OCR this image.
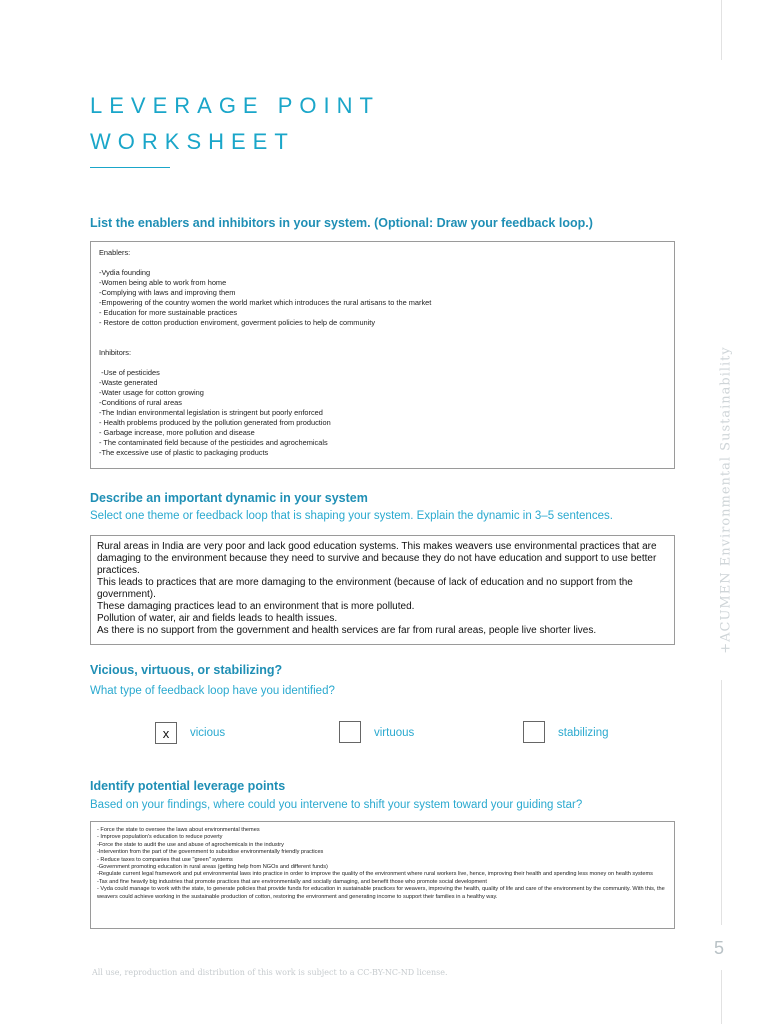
LEVERAGE POINT
WORKSHEET
List the enablers and inhibitors in your system. (Optional: Draw your feedback loop.)
Enablers:
-Vydia founding
-Women being able to work from home
-Complying with laws and improving them
-Empowering of the country women the world market which introduces the rural artisans to the market
- Education for more sustainable practices
- Restore de cotton production enviroment, goverment policies to help de community
Inhibitors:
-Use of pesticides
-Waste generated
-Water usage for cotton growing
-Conditions of rural areas
-The Indian environmental legislation is stringent but poorly enforced
- Health problems produced by the pollution generated from production
- Garbage increase, more pollution and disease
- The contaminated field because of the pesticides and agrochemicals
-The excessive use of plastic to packaging products
Describe an important dynamic in your system

Select one theme or feedback loop that is shaping your system. Explain the dynamic in 3–5 sentences.

Rural areas in India are very poor and lack good education systems. This makes weavers use environmental practices that are damaging to the environment because they need to survive and because they do not have education and support to use better practices.
This leads to practices that are more damaging to the environment (because of lack of education and no support from the government).
These damaging practices lead to an environment that is more polluted.
Pollution of water, air and fields leads to health issues.
As there is no support from the government and health services are far from rural areas, people live shorter lives.
Vicious, virtuous, or stabilizing?

What type of feedback loop have you identified?

x	vicious	virtuous	stabilizing
Identify potential leverage points

Based on your findings, where could you intervene to shift your system toward your guiding star?

- Force the state to oversee the laws about environmental themes
- Improve population's education to reduce poverty
-Force the state to audit the use and abuse of agrochemicals in the industry
-Intervention from the part of the government to subsidise environmentally friendly practices
- Reduce taxes to companies that use "green" systems
-Government promoting education in rural areas (getting help from NGOs and different funds)
-Regulate current legal framework and put environmental laws into practice in order to improve the quality of the environment where rural workers live, hence, improving their health and spending less money on health systems
-Tax and fine heavily big industries that promote practices that are environmentally and socially damaging, and benefit those who promote social development
- Vyda could manage to work with the state, to generate policies that provide funds for education in sustainable practices for weavers, improving the health, quality of life and care of the environment by the community. With this, the weavers could achieve working in the sustainable production of cotton, restoring the environment and generating income to support their families in a healthy way.
+ACUMEN Environmental Sustainability
5
All use, reproduction and distribution of this work is subject to a CC-BY-NC-ND license.
